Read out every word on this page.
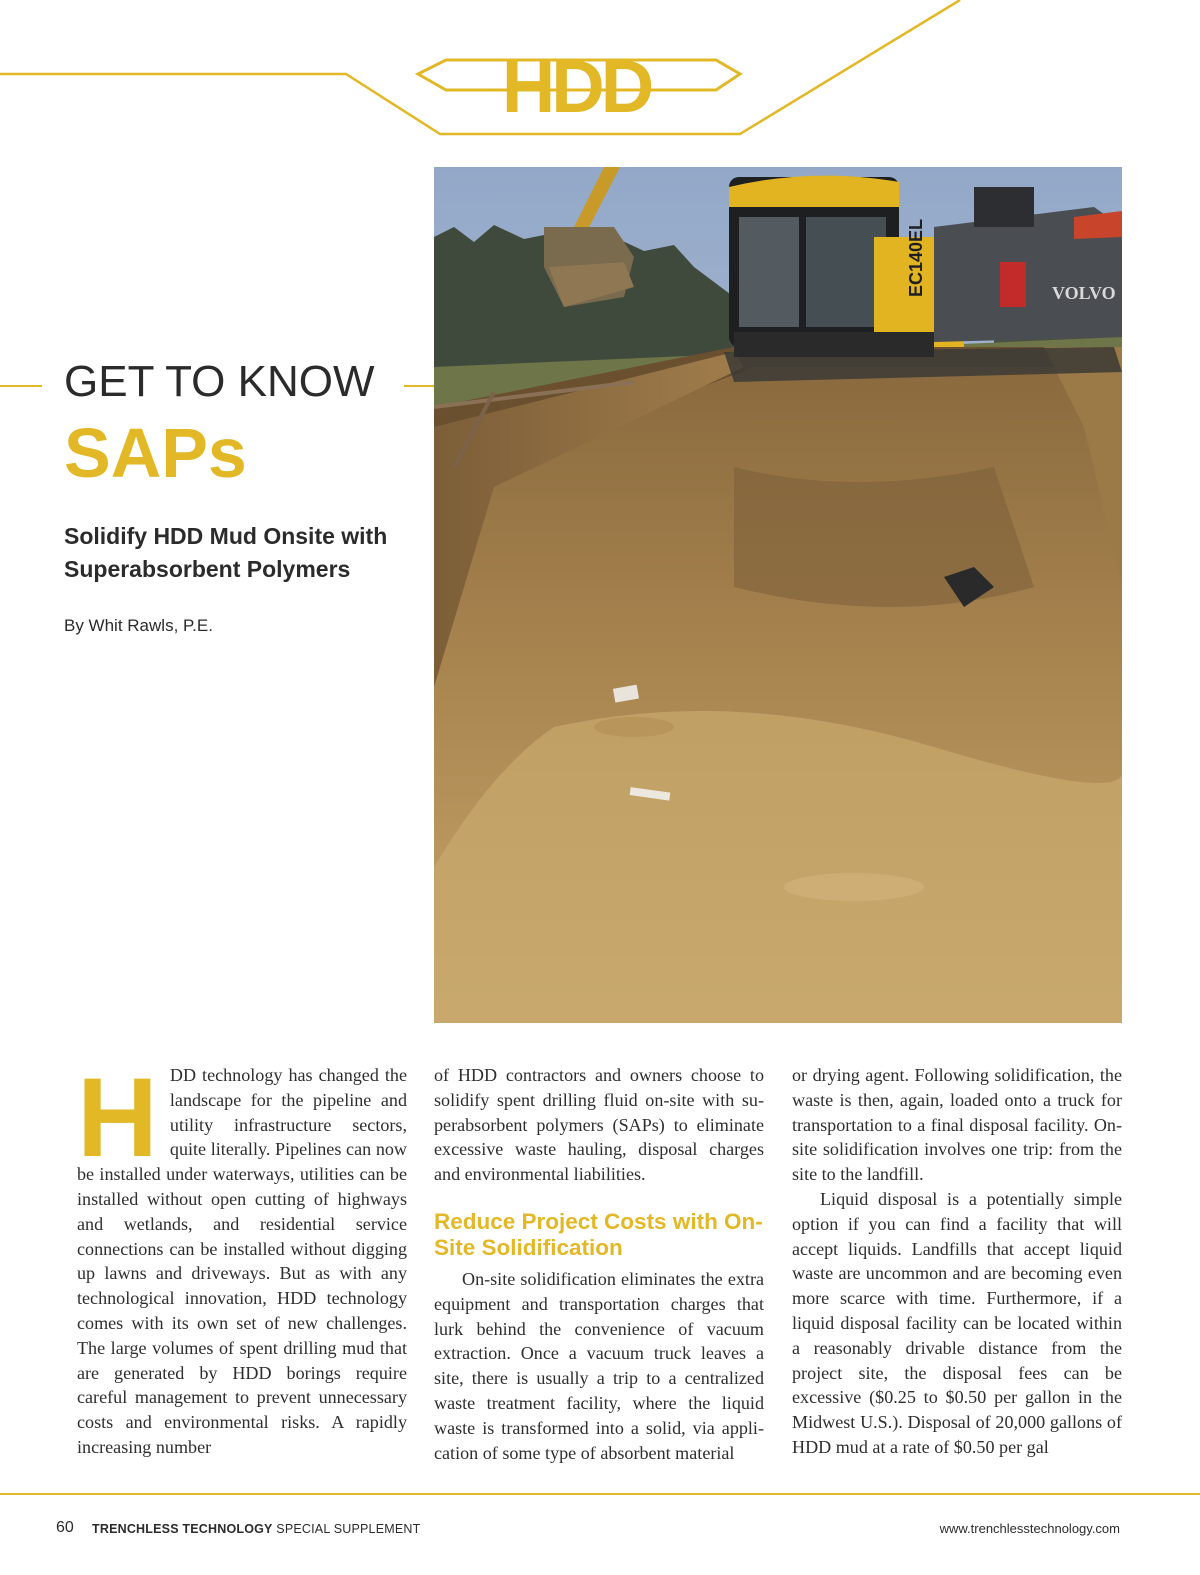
HDD
EC140EL	VOLVO
GET TO KNOW
SAPs
Solidify HDD Mud Onsite with Superabsorbent Polymers
By Whit Rawls, P.E.
H DD technology has changed the landscape for the pipeline and utility infrastructure sectors, quite literally. Pipelines can now be installed under waterways, utilities can be installed without open cutting of highways and wetlands, and residential service connections can be installed without digging up lawns and driveways. But as with any technological innovation, HDD technology comes with its own set of new challenges. The large volumes of spent drilling mud that are generated by HDD borings require careful management to prevent unnecessary costs and environmental risks. A rapidly increasing number

of HDD contractors and owners choose to solidify spent drilling fluid on-site with superabsorbent polymers (SAPs) to eliminate excessive waste hauling, disposal charges and environmental liabilities.

Reduce Project Costs with On-Site Solidification

On-site solidification eliminates the extra equipment and transportation charges that lurk behind the convenience of vacuum extraction. Once a vacuum truck leaves a site, there is usually a trip to a centralized waste treatment facility, where the liquid waste is transformed into a solid, via application of some type of absorbent material

or drying agent. Following solidification, the waste is then, again, loaded onto a truck for transportation to a final disposal facility. On-site solidification involves one trip: from the site to the landfill.

Liquid disposal is a potentially simple option if you can find a facility that will accept liquids. Landfills that accept liquid waste are uncommon and are becoming even more scarce with time. Furthermore, if a liquid disposal facility can be located within a reasonably drivable distance from the project site, the disposal fees can be excessive ($0.25 to $0.50 per gallon in the Midwest U.S.). Disposal of 20,000 gallons of HDD mud at a rate of $0.50 per gal

60 TRENCHLESS TECHNOLOGY SPECIAL SUPPLEMENT	www.trenchlesstechnology.com
